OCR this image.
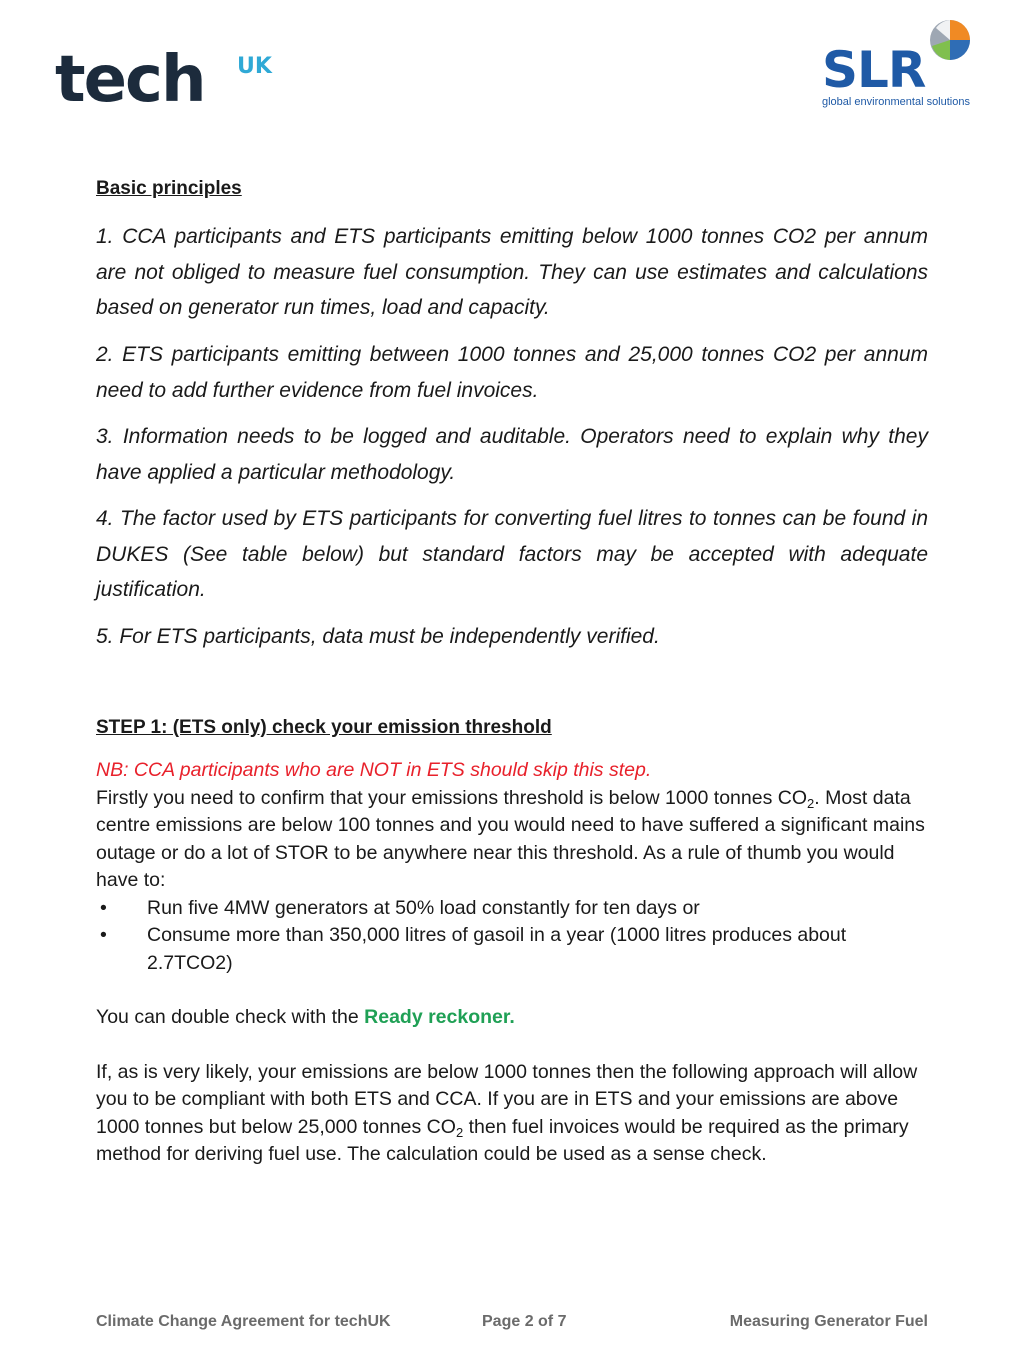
tech UK	SLR
global environmental solutions
Basic principles

1. CCA participants and ETS participants emitting below 1000 tonnes CO2 per annum are not obliged to measure fuel consumption. They can use estimates and calculations based on generator run times, load and capacity.

2. ETS participants emitting between 1000 tonnes and 25,000 tonnes CO2 per annum need to add further evidence from fuel invoices.

3. Information needs to be logged and auditable. Operators need to explain why they have applied a particular methodology.

4. The factor used by ETS participants for converting fuel litres to tonnes can be found in DUKES (See table below) but standard factors may be accepted with adequate justification.

5. For ETS participants, data must be independently verified.

STEP 1: (ETS only) check your emission threshold
NB: CCA participants who are NOT in ETS should skip this step.
Firstly you need to confirm that your emissions threshold is below 1000 tonnes $CO_2$. Most data centre emissions are below 100 tonnes and you would need to have suffered a significant mains outage or do a lot of STOR to be anywhere near this threshold. As a rule of thumb you would have to:
• Run five 4MW generators at 50% load constantly for ten days or
• Consume more than 350,000 litres of gasoil in a year (1000 litres produces about 2.7TCO2)
You can double check with the Ready reckoner.
If, as is very likely, your emissions are below 1000 tonnes then the following approach will allow you to be compliant with both ETS and CCA. If you are in ETS and your emissions are above 1000 tonnes but below 25,000 tonnes $CO_2$ then fuel invoices would be required as the primary method for deriving fuel use. The calculation could be used as a sense check.
Climate Change Agreement for techUK	Page 2 of 7	Measuring Generator Fuel
